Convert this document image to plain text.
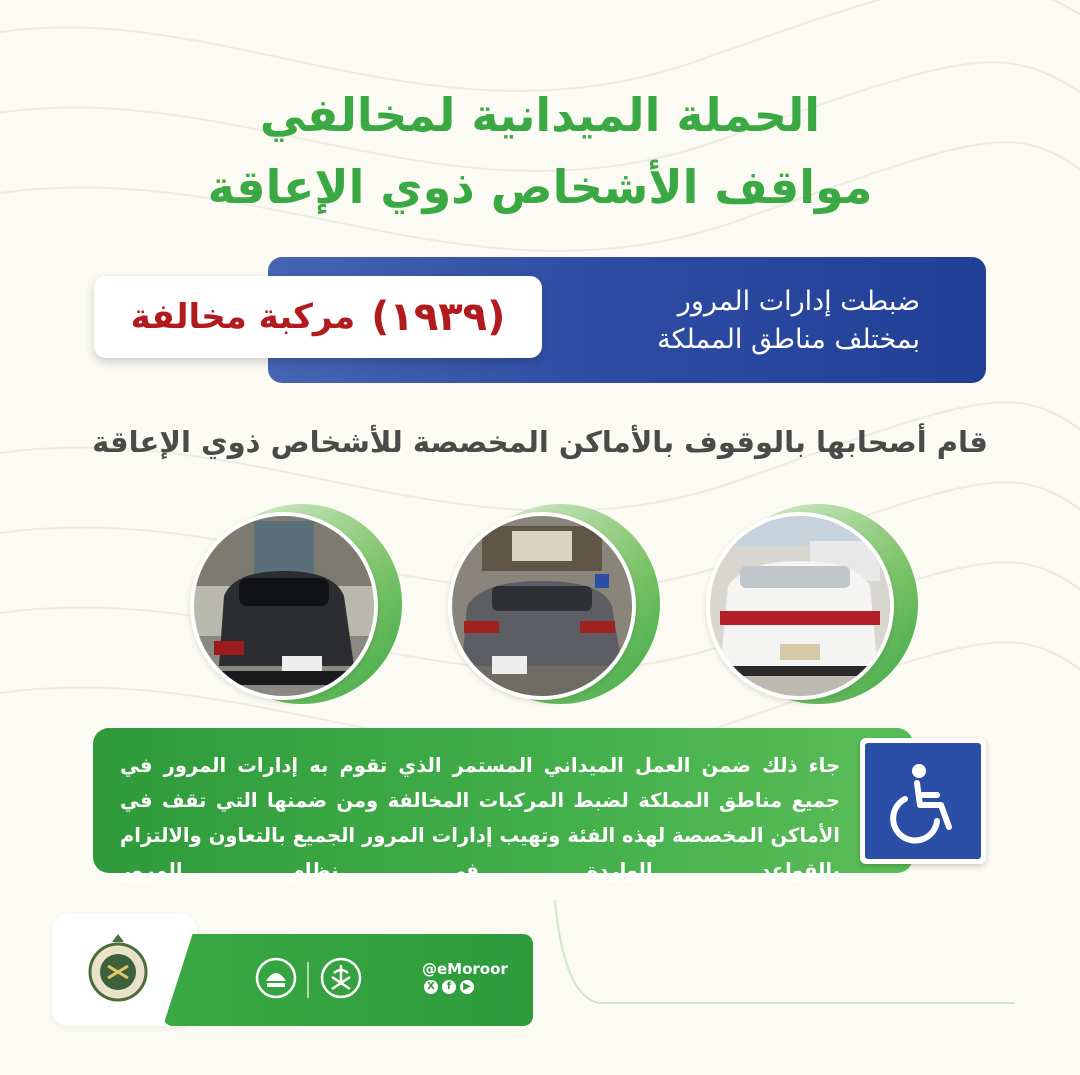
الحملة الميدانية لمخالفي
مواقف الأشخاص ذوي الإعاقة
ضبطت إدارات المرور
بمختلف مناطق المملكة
(١٩٣٩)
مركبة مخالفة
قام أصحابها بالوقوف بالأماكن المخصصة للأشخاص ذوي الإعاقة
جاء ذلك ضمن العمل الميداني المستمر الذي تقوم به إدارات المرور في جميع مناطق المملكة لضبط المركبات المخالفة ومن ضمنها التي تقف في الأماكن المخصصة لهذه الفئة وتهيب إدارات المرور الجميع بالتعاون والالتزام بالقواعد الواردة في نظام المرور
@eMoroor
X	f	▶
